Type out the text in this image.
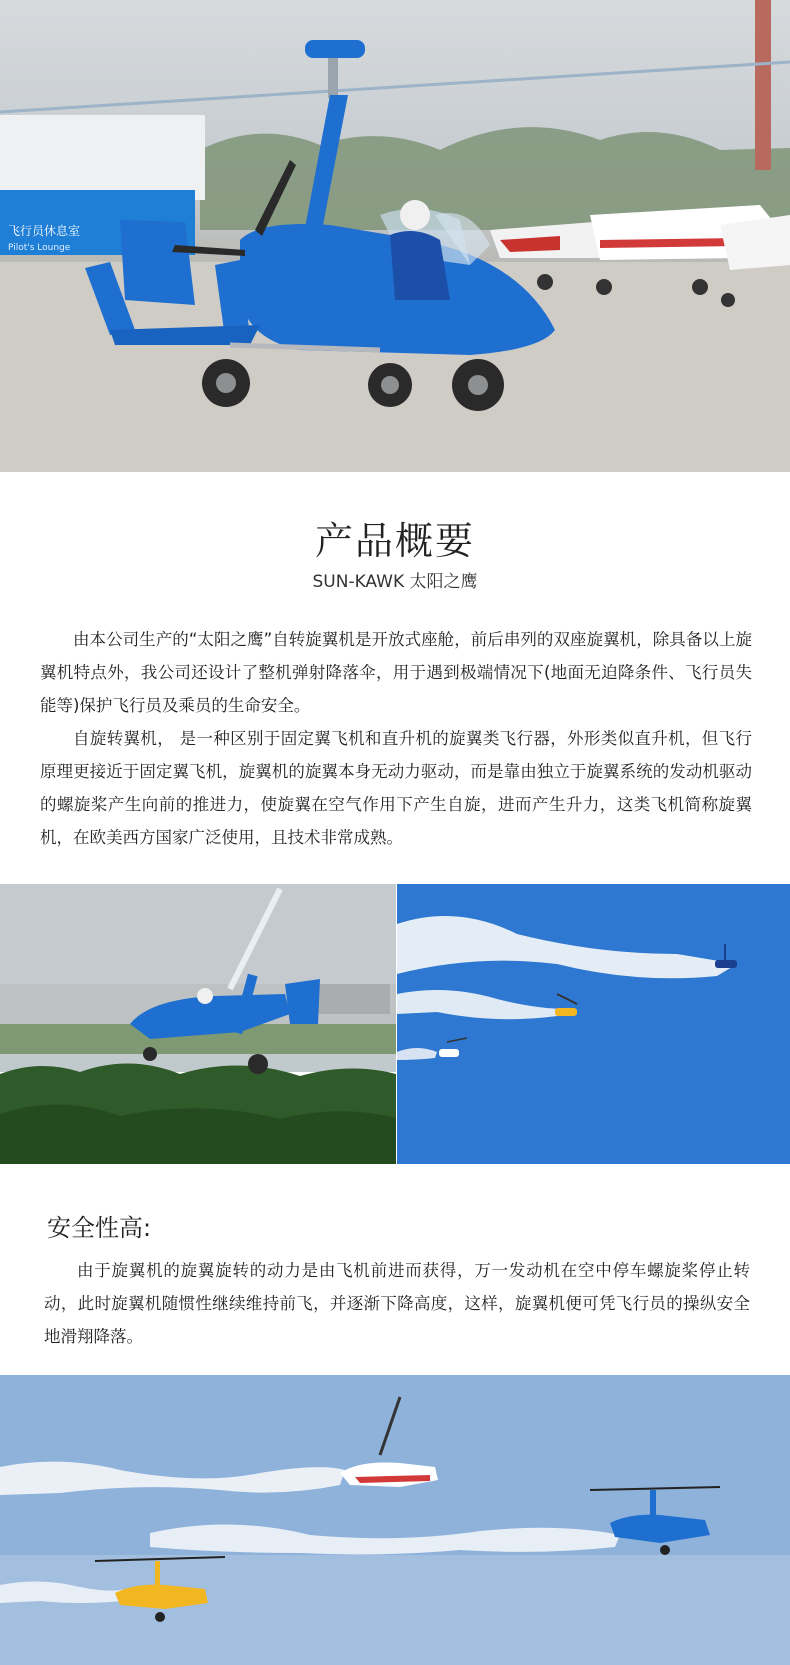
飞行员休息室
Pilot's Lounge
产品概要
SUN-KAWK 太阳之鹰

由本公司生产的“太阳之鹰”自转旋翼机是开放式座舱，前后串列的双座旋翼机，除具备以上旋翼机特点外，我公司还设计了整机弹射降落伞，用于遇到极端情况下(地面无迫降条件、飞行员失能等)保护飞行员及乘员的生命安全。

自旋转翼机， 是一种区别于固定翼飞机和直升机的旋翼类飞行器，外形类似直升机，但飞行原理更接近于固定翼飞机，旋翼机的旋翼本身无动力驱动，而是靠由独立于旋翼系统的发动机驱动的螺旋桨产生向前的推进力，使旋翼在空气作用下产生自旋，进而产生升力，这类飞机简称旋翼机，在欧美西方国家广泛使用，且技术非常成熟。

安全性高:
由于旋翼机的旋翼旋转的动力是由飞机前进而获得，万一发动机在空中停车螺旋桨停止转动，此时旋翼机随惯性继续维持前飞，并逐渐下降高度，这样，旋翼机便可凭飞行员的操纵安全地滑翔降落。
